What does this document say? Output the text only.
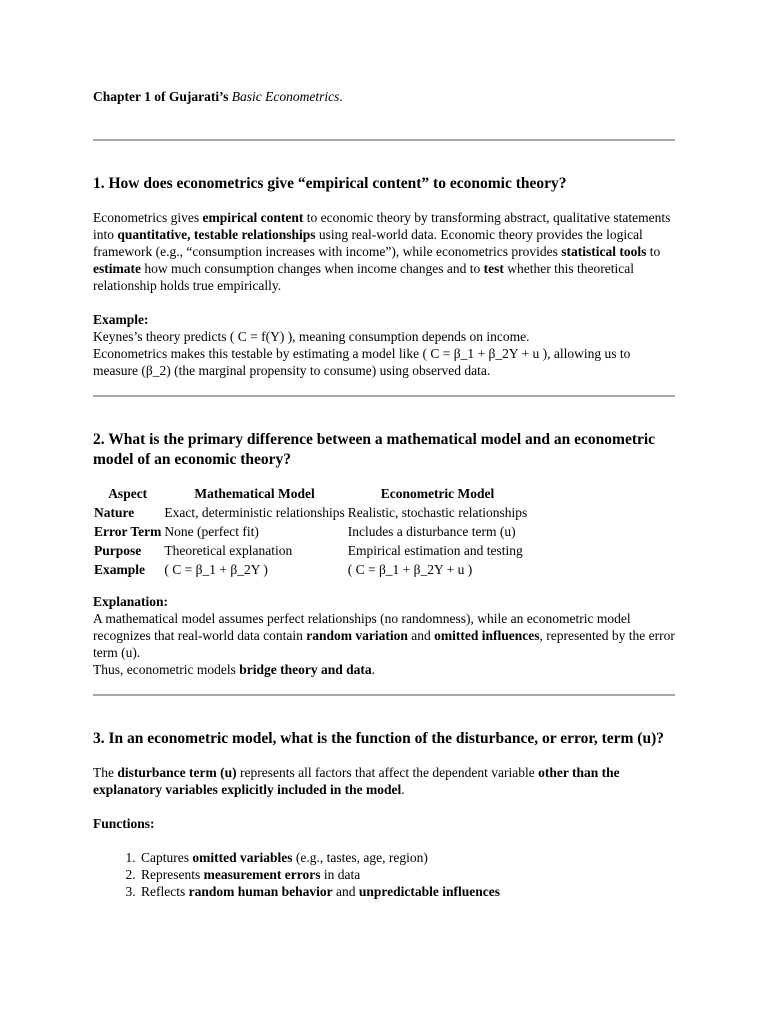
Chapter 1 of Gujarati’s Basic Econometrics.

1. How does econometrics give “empirical content” to economic theory?

Econometrics gives empirical content to economic theory by transforming abstract, qualitative statements into quantitative, testable relationships using real-world data. Economic theory provides the logical framework (e.g., “consumption increases with income”), while econometrics provides statistical tools to estimate how much consumption changes when income changes and to test whether this theoretical relationship holds true empirically.

Example:

Keynes’s theory predicts ( C = f(Y) ), meaning consumption depends on income.

Econometrics makes this testable by estimating a model like ( C = β_1 + β_2Y + u ), allowing us to measure (β_2) (the marginal propensity to consume) using observed data.

2. What is the primary difference between a mathematical model and an econometric model of an economic theory?
Aspect	Mathematical Model	Econometric Model
Nature	Exact, deterministic relationships	Realistic, stochastic relationships
Error Term	None (perfect fit)	Includes a disturbance term (u)
Purpose	Theoretical explanation	Empirical estimation and testing
Example	( C = β_1 + β_2Y )	( C = β_1 + β_2Y + u )

Explanation:

A mathematical model assumes perfect relationships (no randomness), while an econometric model recognizes that real-world data contain random variation and omitted influences, represented by the error term (u).

Thus, econometric models bridge theory and data.

3. In an econometric model, what is the function of the disturbance, or error, term (u)?

The disturbance term (u) represents all factors that affect the dependent variable other than the explanatory variables explicitly included in the model.

Functions:

1. Captures omitted variables (e.g., tastes, age, region)
2. Represents measurement errors in data
3. Reflects random human behavior and unpredictable influences
